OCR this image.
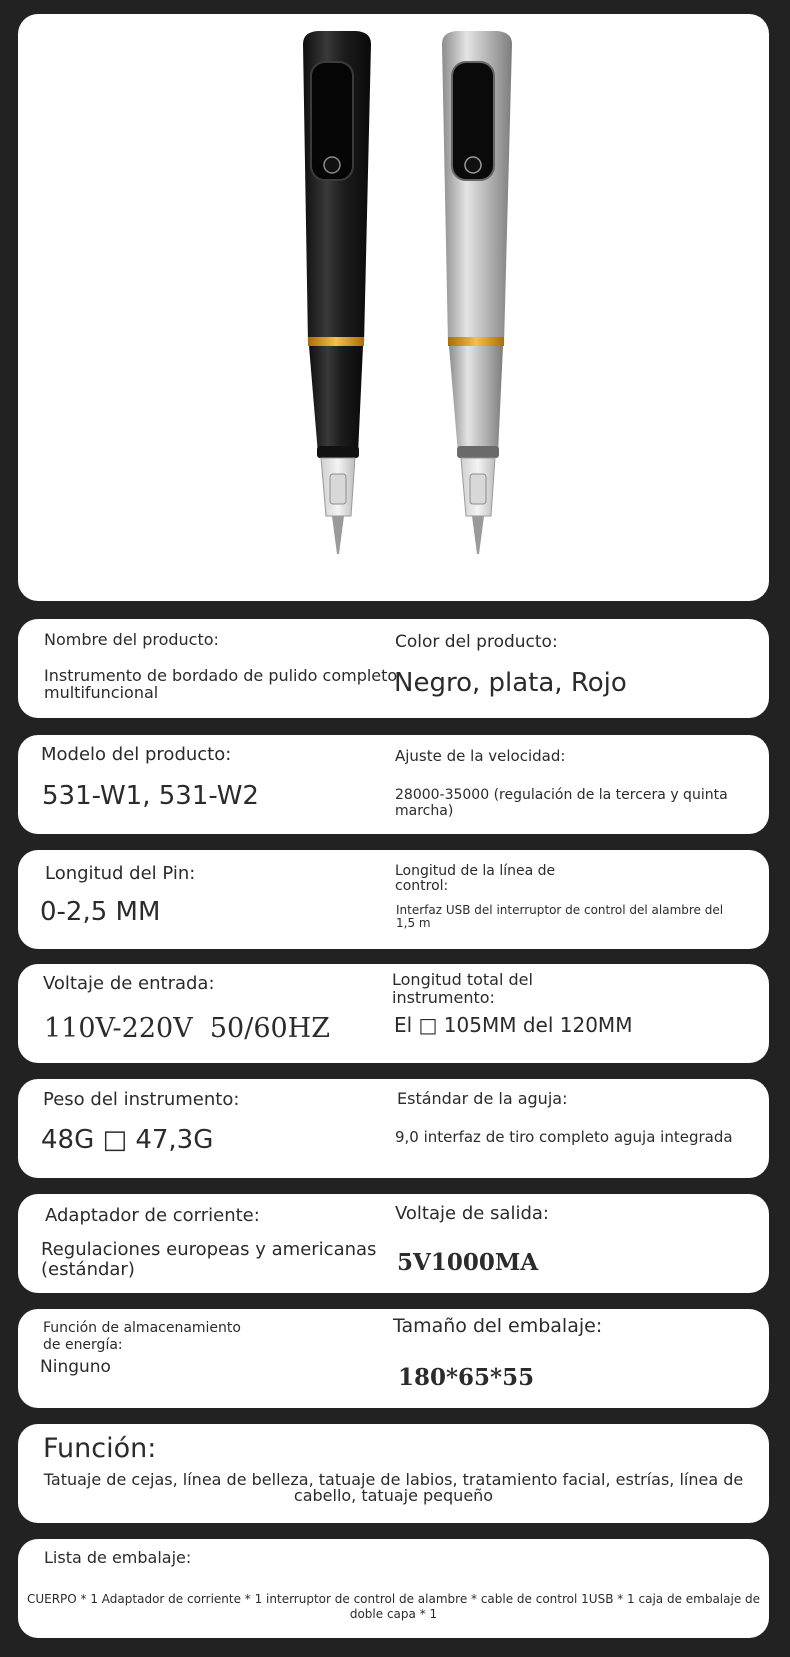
Nombre del producto:

Instrumento de bordado de pulido completo multifuncional

Color del producto:

Negro, plata, Rojo

Modelo del producto:

531-W1, 531-W2

Ajuste de la velocidad:

28000-35000 (regulación de la tercera y quinta marcha)

Longitud del Pin:

0-2,5 MM

Longitud de la línea de control:

Interfaz USB del interruptor de control del alambre del 1,5 m

Voltaje de entrada:

110V-220V  50/60HZ

Longitud total del instrumento:

El □ 105MM del 120MM

Peso del instrumento:

48G □ 47,3G

Estándar de la aguja:

9,0 interfaz de tiro completo aguja integrada

Adaptador de corriente:

Regulaciones europeas y americanas (estándar)

Voltaje de salida:

5V1000MA

Función de almacenamiento de energía:

Ninguno

Tamaño del embalaje:

180*65*55

Función:

Tatuaje de cejas, línea de belleza, tatuaje de labios, tratamiento facial, estrías, línea de cabello, tatuaje pequeño

Lista de embalaje:

CUERPO * 1 Adaptador de corriente * 1 interruptor de control de alambre * cable de control 1USB * 1 caja de embalaje de doble capa * 1
